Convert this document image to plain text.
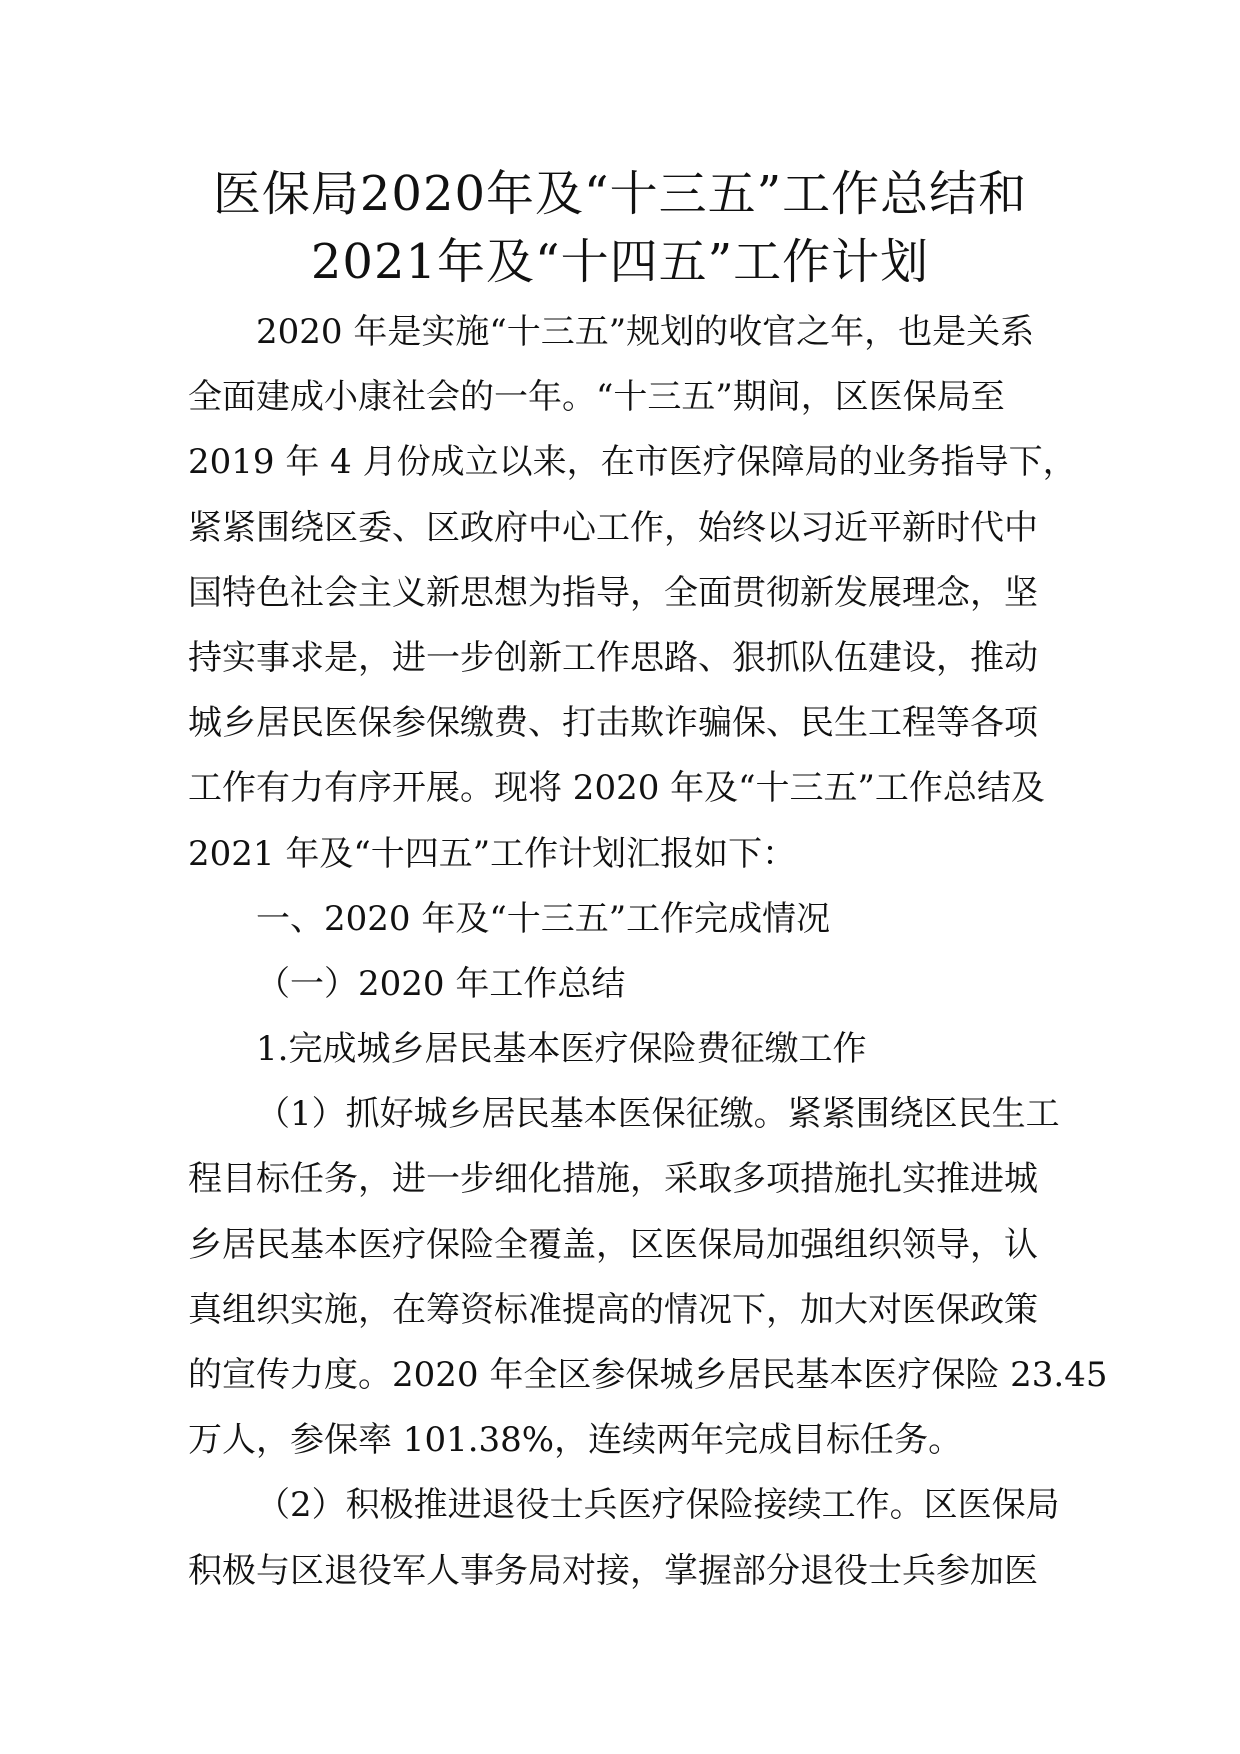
医保局2020年及“十三五”工作总结和
2021年及“十四五”工作计划
2020 年是实施“十三五”规划的收官之年，也是关系
全面建成小康社会的一年。“十三五”期间，区医保局至
2019 年 4 月份成立以来，在市医疗保障局的业务指导下，
紧紧围绕区委、区政府中心工作，始终以习近平新时代中
国特色社会主义新思想为指导，全面贯彻新发展理念，坚
持实事求是，进一步创新工作思路、狠抓队伍建设，推动
城乡居民医保参保缴费、打击欺诈骗保、民生工程等各项
工作有力有序开展。现将 2020 年及“十三五”工作总结及
2021 年及“十四五”工作计划汇报如下：
一、2020 年及“十三五”工作完成情况
（一）2020 年工作总结
1.完成城乡居民基本医疗保险费征缴工作
（1）抓好城乡居民基本医保征缴。紧紧围绕区民生工
程目标任务，进一步细化措施，采取多项措施扎实推进城
乡居民基本医疗保险全覆盖，区医保局加强组织领导，认
真组织实施，在筹资标准提高的情况下，加大对医保政策
的宣传力度。2020 年全区参保城乡居民基本医疗保险 23.45
万人，参保率 101.38%，连续两年完成目标任务。
（2）积极推进退役士兵医疗保险接续工作。区医保局
积极与区退役军人事务局对接，掌握部分退役士兵参加医
